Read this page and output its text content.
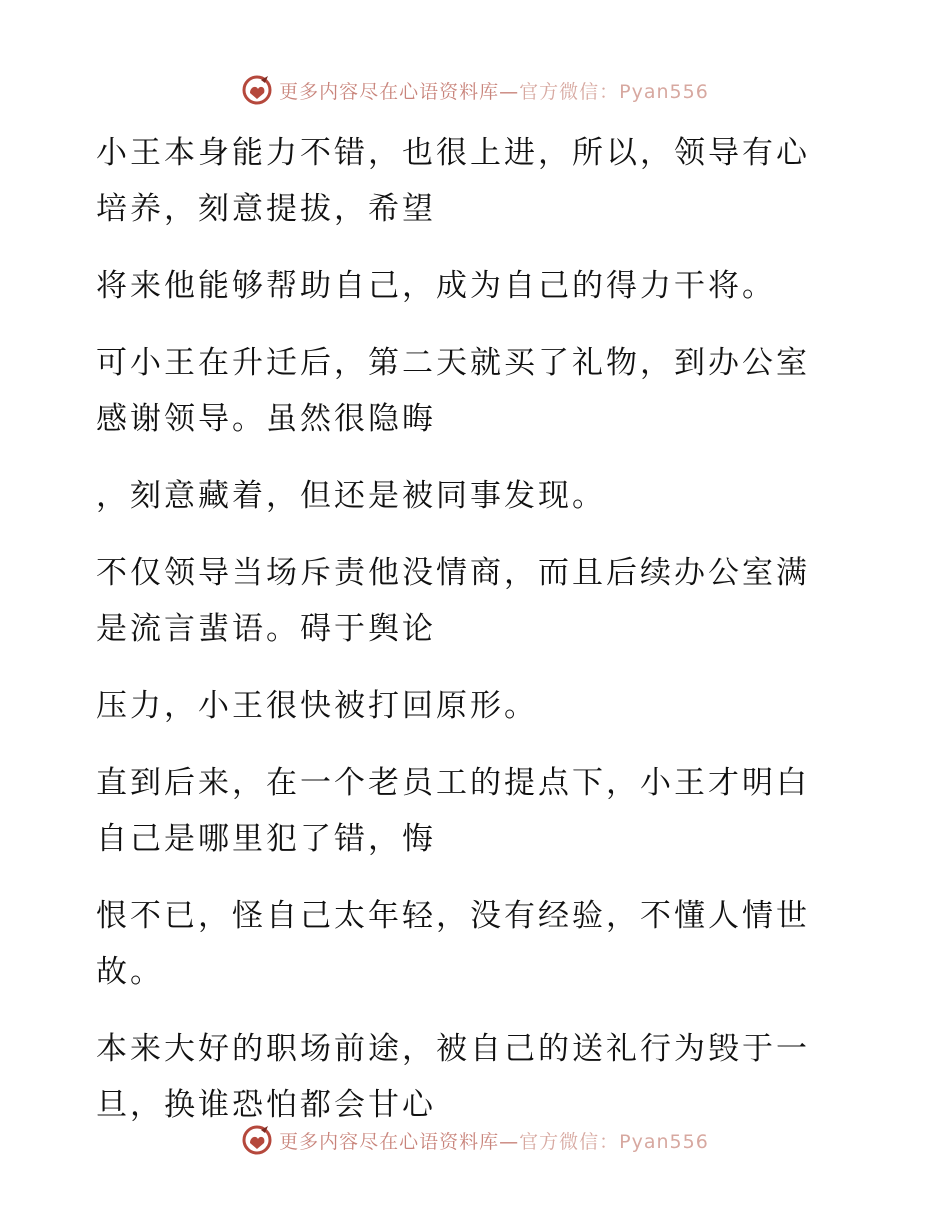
更多内容尽在心语资料库—官方微信：Pyan556

小王本身能力不错，也很上进，所以，领导有心
培养，刻意提拔，希望

将来他能够帮助自己，成为自己的得力干将。

可小王在升迁后，第二天就买了礼物，到办公室
感谢领导。虽然很隐晦

，刻意藏着，但还是被同事发现。

不仅领导当场斥责他没情商，而且后续办公室满
是流言蜚语。碍于舆论

压力，小王很快被打回原形。

直到后来，在一个老员工的提点下，小王才明白
自己是哪里犯了错，悔

恨不已，怪自己太年轻，没有经验，不懂人情世
故。

本来大好的职场前途，被自己的送礼行为毁于一
旦，换谁恐怕都会甘心

更多内容尽在心语资料库—官方微信：Pyan556
